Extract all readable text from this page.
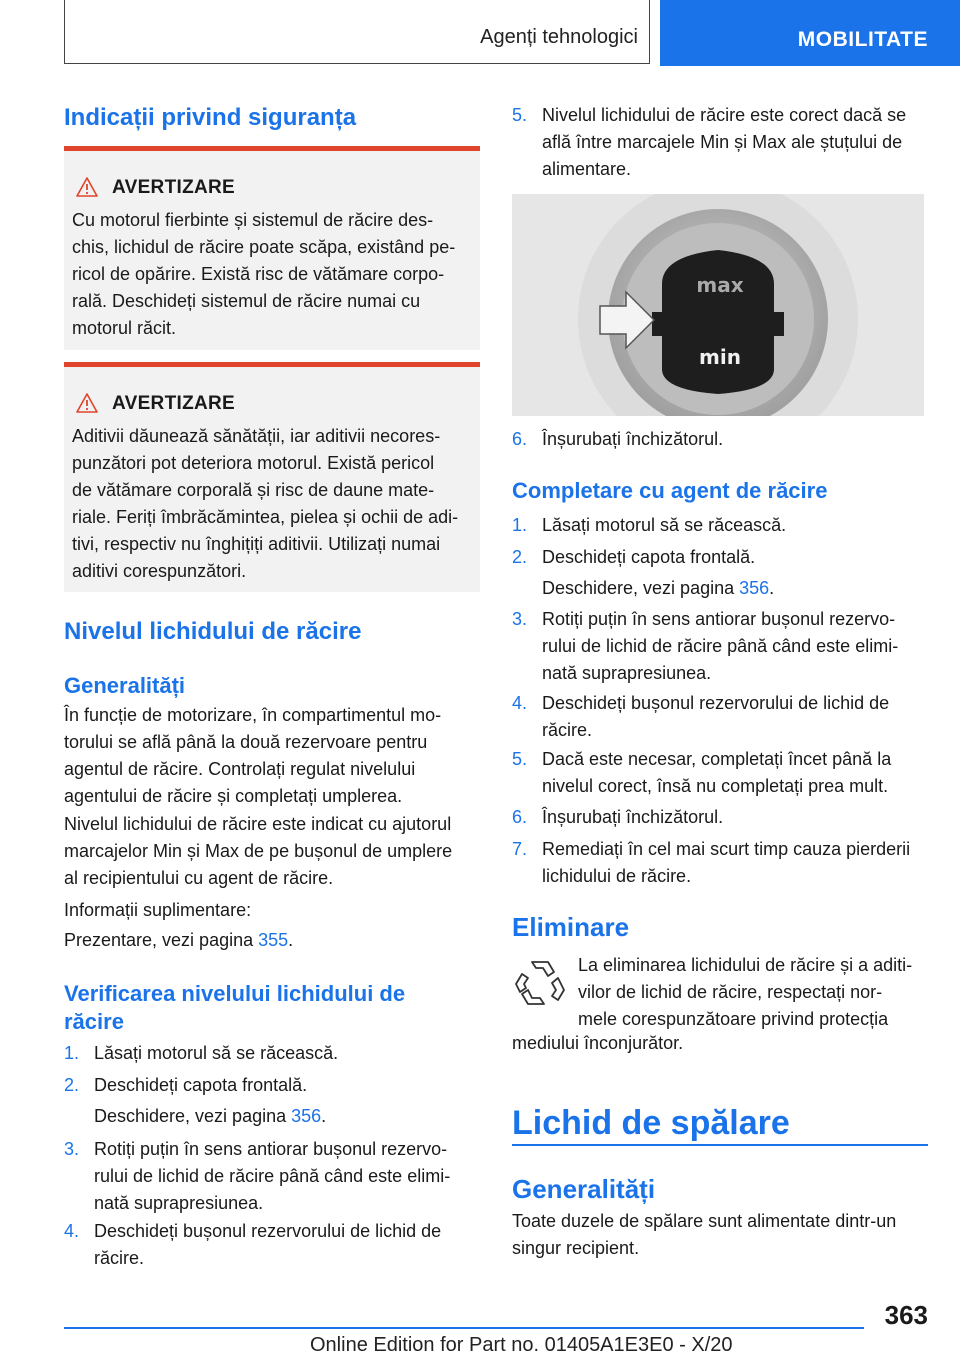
Agenți tehnologici	MOBILITATE
Indicații privind siguranța
AVERTIZARE
Cu motorul fierbinte și sistemul de răcire des-
chis, lichidul de răcire poate scăpa, existând pe-
ricol de opărire. Există risc de vătămare corpo-
rală. Deschideți sistemul de răcire numai cu
motorul răcit.
AVERTIZARE
Aditivii dăunează sănătății, iar aditivii necores-
punzători pot deteriora motorul. Există pericol
de vătămare corporală și risc de daune mate-
riale. Feriți îmbrăcămintea, pielea și ochii de adi-
tivi, respectiv nu înghițiți aditivii. Utilizați numai
aditivi corespunzători.
Nivelul lichidului de răcire
Generalități
În funcție de motorizare, în compartimentul mo-
torului se află până la două rezervoare pentru
agentul de răcire. Controlați regulat nivelului
agentului de răcire și completați umplerea.
Nivelul lichidului de răcire este indicat cu ajutorul
marcajelor Min și Max de pe bușonul de umplere
al recipientului cu agent de răcire.
Informații suplimentare:
Prezentare, vezi pagina 355.
Verificarea nivelului lichidului de
răcire
1. Lăsați motorul să se răcească.
2. Deschideți capota frontală.
Deschidere, vezi pagina 356.
3. Rotiți puțin în sens antiorar bușonul rezervo-
rului de lichid de răcire până când este elimi-
nată suprapresiunea.
4. Deschideți bușonul rezervorului de lichid de
răcire.
5. Nivelul lichidului de răcire este corect dacă se
află între marcajele Min și Max ale ștuțului de
alimentare.
max
min
6. Înșurubați închizătorul.
Completare cu agent de răcire
1. Lăsați motorul să se răcească.
2. Deschideți capota frontală.
Deschidere, vezi pagina 356.
3. Rotiți puțin în sens antiorar bușonul rezervo-
rului de lichid de răcire până când este elimi-
nată suprapresiunea.
4. Deschideți bușonul rezervorului de lichid de
răcire.
5. Dacă este necesar, completați încet până la
nivelul corect, însă nu completați prea mult.
6. Înșurubați închizătorul.
7. Remediați în cel mai scurt timp cauza pierderii
lichidului de răcire.
Eliminare
La eliminarea lichidului de răcire și a aditi-
vilor de lichid de răcire, respectați nor-
mele corespunzătoare privind protecția
mediului înconjurător.
Lichid de spălare
Generalități
Toate duzele de spălare sunt alimentate dintr-un
singur recipient.
363
Online Edition for Part no. 01405A1E3E0 - X/20
